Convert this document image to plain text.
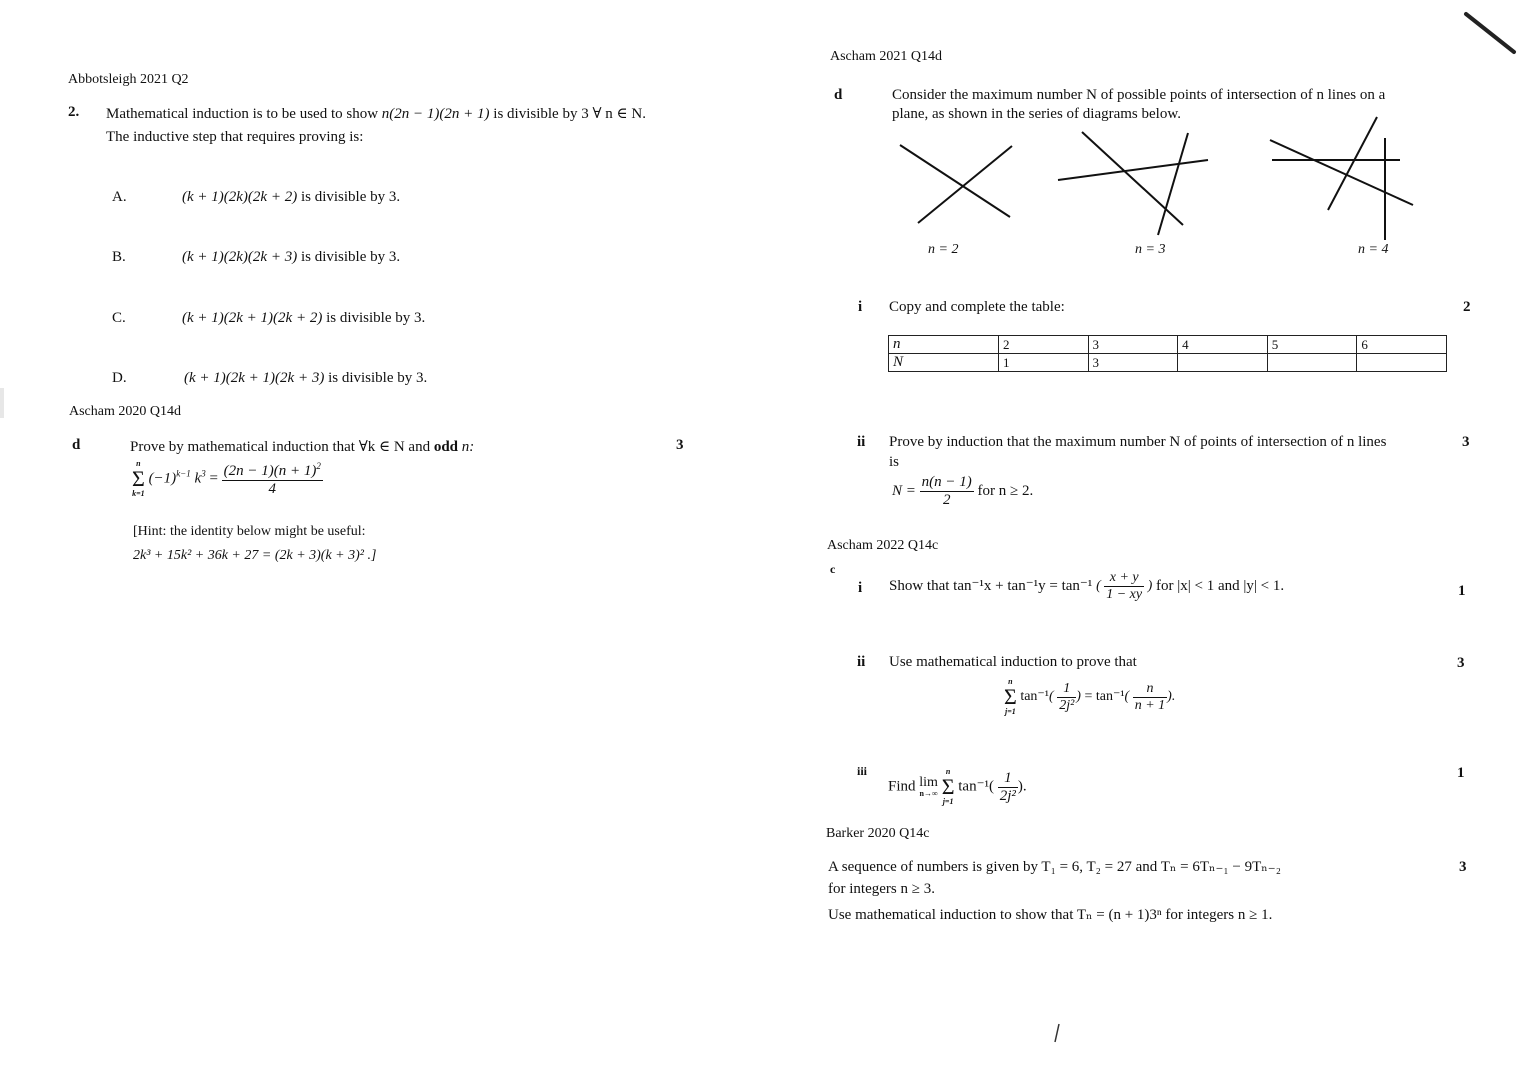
Abbotsleigh 2021 Q2
2. Mathematical induction is to be used to show n(2n − 1)(2n + 1) is divisible by 3 ∀ n ∈ N.
The inductive step that requires proving is:
A.	(k + 1)(2k)(2k + 2) is divisible by 3.
B.	(k + 1)(2k)(2k + 3) is divisible by 3.
C.	(k + 1)(2k + 1)(2k + 2) is divisible by 3.
D.	(k + 1)(2k + 1)(2k + 3) is divisible by 3.
Ascham 2020 Q14d
d	Prove by mathematical induction that ∀k ∈ N and odd n:	3
n
Σ
k=1
$(-1)^{k-1}$ $k^3 = \frac{(2n - 1)(n + 1)^2}{4}$
[Hint: the identity below might be useful:
2k³ + 15k² + 36k + 27 = (2k + 3)(k + 3)² .]
Ascham 2021 Q14d
d	Consider the maximum number N of possible points of intersection of n lines on a
plane, as shown in the series of diagrams below.
n = 2	n = 3	n = 4
i Copy and complete the table:	2
n	2	3	4	5	6
N	1	3			
ii Prove by induction that the maximum number N of points of intersection of n lines
is
3
$N = \frac{n(n - 1)}{2}$ for n ≥ 2.
Ascham 2022 Q14c
c
i Show that tan⁻¹x + tan⁻¹y = tan⁻¹ ( $\frac{x + y}{1 - xy}$ ) for |x| < 1 and |y| < 1.	1
ii Use mathematical induction to prove that	3
n
Σ
j=1
$\tan^{-1}( \frac{1}{\text{2j²}}$ ) = $\tan^{-1}( \frac{n}{n + 1}$ ).
iii
Find lim
n→∞

n
Σ
j=1
$\tan^{-1}( \frac{1}{\text{2j²}}$ ).
1
Barker 2020 Q14c
A sequence of numbers is given by T₁ = 6, T₂ = 27 and Tₙ = 6Tₙ₋₁ − 9Tₙ₋₂
for integers n ≥ 3.
Use mathematical induction to show that Tₙ = (n + 1)3ⁿ for integers n ≥ 1.
3
